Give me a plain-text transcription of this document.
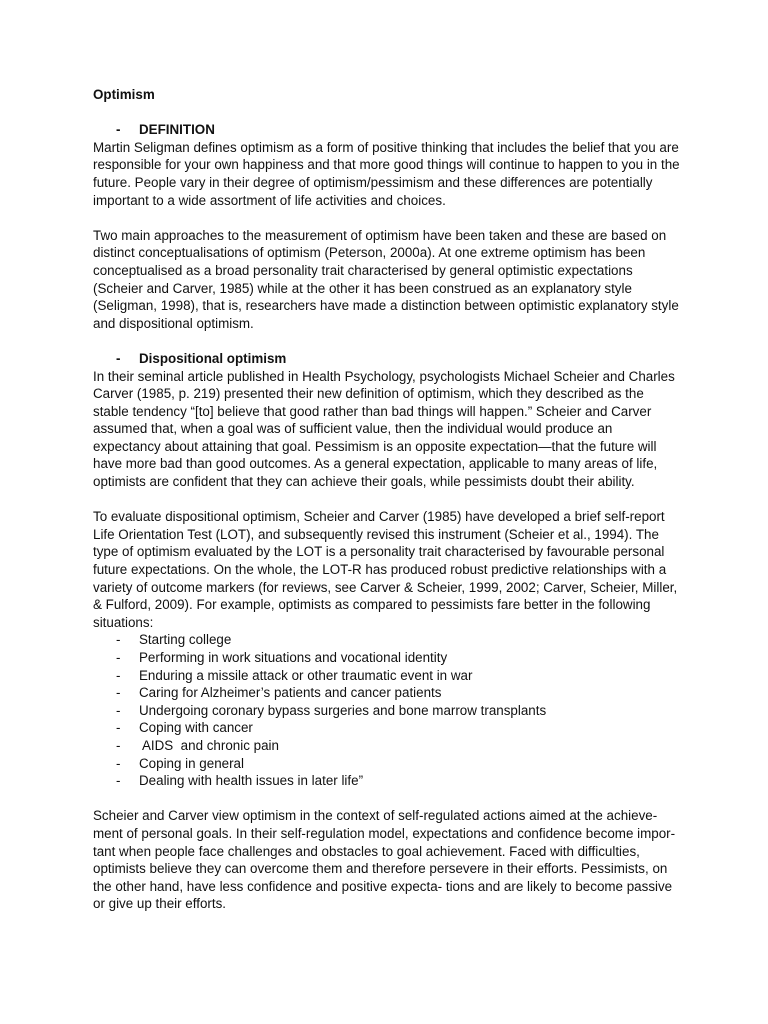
Optimism
- DEFINITION

Martin Seligman defines optimism as a form of positive thinking that includes the belief that you are responsible for your own happiness and that more good things will continue to happen to you in the future. People vary in their degree of optimism/pessimism and these differences are potentially important to a wide assortment of life activities and choices.

Two main approaches to the measurement of optimism have been taken and these are based on distinct conceptualisations of optimism (Peterson, 2000a). At one extreme optimism has been conceptualised as a broad personality trait characterised by general optimistic expectations (Scheier and Carver, 1985) while at the other it has been construed as an explanatory style (Seligman, 1998), that is, researchers have made a distinction between optimistic explanatory style and dispositional optimism.

- Dispositional optimism

In their seminal article published in Health Psychology, psychologists Michael Scheier and Charles Carver (1985, p. 219) presented their new definition of optimism, which they described as the stable tendency “[to] believe that good rather than bad things will happen.” Scheier and Carver assumed that, when a goal was of sufficient value, then the individual would produce an expectancy about attaining that goal. Pessimism is an opposite expectation—that the future will have more bad than good outcomes. As a general expectation, applicable to many areas of life, optimists are confident that they can achieve their goals, while pessimists doubt their ability.

To evaluate dispositional optimism, Scheier and Carver (1985) have developed a brief self-report Life Orientation Test (LOT), and subsequently revised this instrument (Scheier et al., 1994). The type of optimism evaluated by the LOT is a personality trait characterised by favourable personal future expectations. On the whole, the LOT-R has produced robust predictive relationships with a variety of outcome markers (for reviews, see Carver & Scheier, 1999, 2002; Carver, Scheier, Miller, & Fulford, 2009). For example, optimists as compared to pessimists fare better in the following situations:

- Starting college
- Performing in work situations and vocational identity
- Enduring a missile attack or other traumatic event in war
- Caring for Alzheimer’s patients and cancer patients
- Undergoing coronary bypass surgeries and bone marrow transplants
- Coping with cancer
- AIDS  and chronic pain
- Coping in general
- Dealing with health issues in later life”

Scheier and Carver view optimism in the context of self-regulated actions aimed at the achieve-ment of personal goals. In their self-regulation model, expectations and confidence become impor-tant when people face challenges and obstacles to goal achievement. Faced with difficulties, optimists believe they can overcome them and therefore persevere in their efforts. Pessimists, on the other hand, have less confidence and positive expecta- tions and are likely to become passive or give up their efforts.
